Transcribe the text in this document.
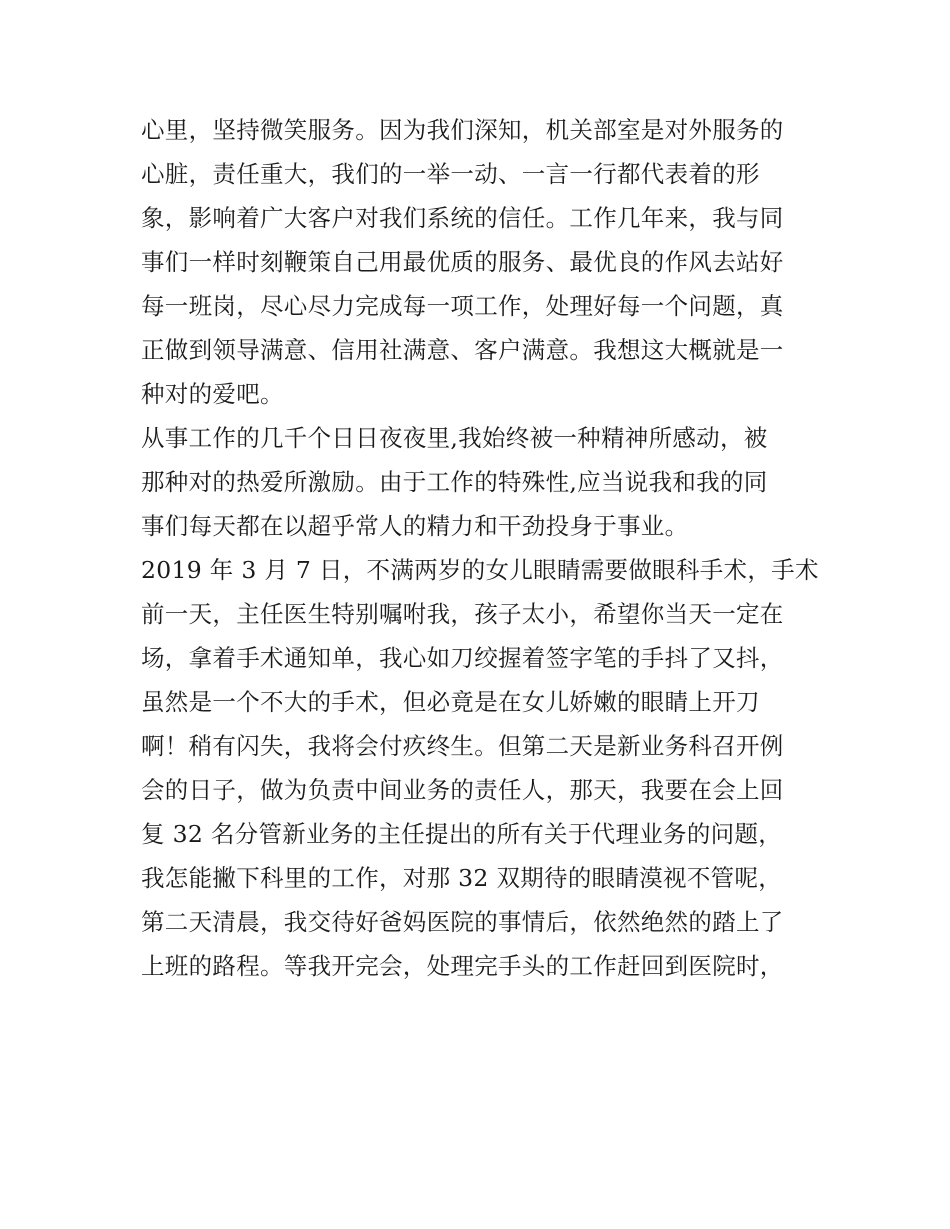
心里，坚持微笑服务。因为我们深知，机关部室是对外服务的
心脏，责任重大，我们的一举一动、一言一行都代表着的形
象，影响着广大客户对我们系统的信任。工作几年来，我与同
事们一样时刻鞭策自己用最优质的服务、最优良的作风去站好
每一班岗，尽心尽力完成每一项工作，处理好每一个问题，真
正做到领导满意、信用社满意、客户满意。我想这大概就是一
种对的爱吧。
从事工作的几千个日日夜夜里,我始终被一种精神所感动，被
那种对的热爱所激励。由于工作的特殊性,应当说我和我的同
事们每天都在以超乎常人的精力和干劲投身于事业。
2019 年 3 月 7 日，不满两岁的女儿眼睛需要做眼科手术，手术
前一天，主任医生特别嘱咐我，孩子太小，希望你当天一定在
场，拿着手术通知单，我心如刀绞握着签字笔的手抖了又抖，
虽然是一个不大的手术，但必竟是在女儿娇嫩的眼睛上开刀
啊！稍有闪失，我将会付疚终生。但第二天是新业务科召开例
会的日子，做为负责中间业务的责任人，那天，我要在会上回
复 32 名分管新业务的主任提出的所有关于代理业务的问题，
我怎能撇下科里的工作，对那 32 双期待的眼睛漠视不管呢，
第二天清晨，我交待好爸妈医院的事情后，依然绝然的踏上了
上班的路程。等我开完会，处理完手头的工作赶回到医院时，
